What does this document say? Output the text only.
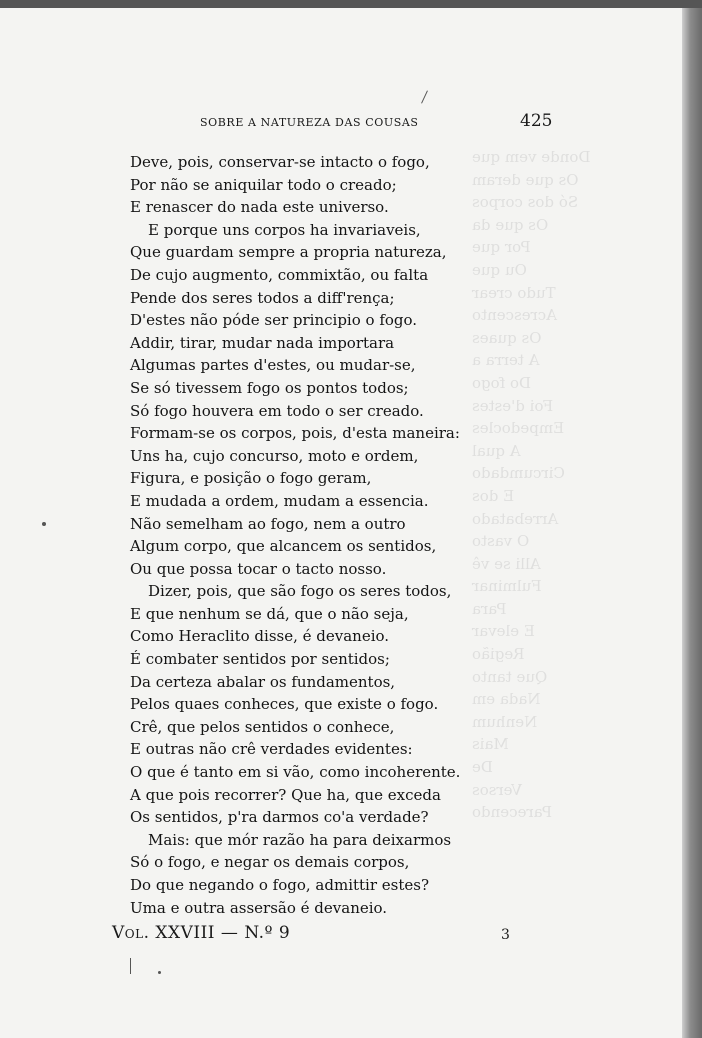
Donde vem que
Os que deram
Só dos corpos
Os que da
Por que
Ou que
Tudo crear
Acrescento
Os quaes
A terra a
Do fogo
Foi d'estes
Empedocles
A qual
Circumdado
E dos
Arrebatado
O vasto
Alli se vê
Fulminar
Para
E elevar
Região
Que tanto
Nada em
Nenhum
Mais
De
Versos
Parecendo
SOBRE A NATUREZA DAS COUSAS	425
Deve, pois, conservar-se intacto o fogo,
Por não se aniquilar todo o creado;
E renascer do nada este universo.
E porque uns corpos ha invariaveis,
Que guardam sempre a propria natureza,
De cujo augmento, commixtão, ou falta
Pende dos seres todos a diff'rença;
D'estes não póde ser principio o fogo.
Addir, tirar, mudar nada importara
Algumas partes d'estes, ou mudar-se,
Se só tivessem fogo os pontos todos;
Só fogo houvera em todo o ser creado.
Formam-se os corpos, pois, d'esta maneira:
Uns ha, cujo concurso, moto e ordem,
Figura, e posição o fogo geram,
E mudada a ordem, mudam a essencia.
Não semelham ao fogo, nem a outro
Algum corpo, que alcancem os sentidos,
Ou que possa tocar o tacto nosso.
Dizer, pois, que são fogo os seres todos,
E que nenhum se dá, que o não seja,
Como Heraclito disse, é devaneio.
É combater sentidos por sentidos;
Da certeza abalar os fundamentos,
Pelos quaes conheces, que existe o fogo.
Crê, que pelos sentidos o conhece,
E outras não crê verdades evidentes:
O que é tanto em si vão, como incoherente.
A que pois recorrer? Que ha, que exceda
Os sentidos, p'ra darmos co'a verdade?
Mais: que mór razão ha para deixarmos
Só o fogo, e negar os demais corpos,
Do que negando o fogo, admittir estes?
Uma e outra assersão é devaneio.
Vol. XXVIII — N.º 9	3
